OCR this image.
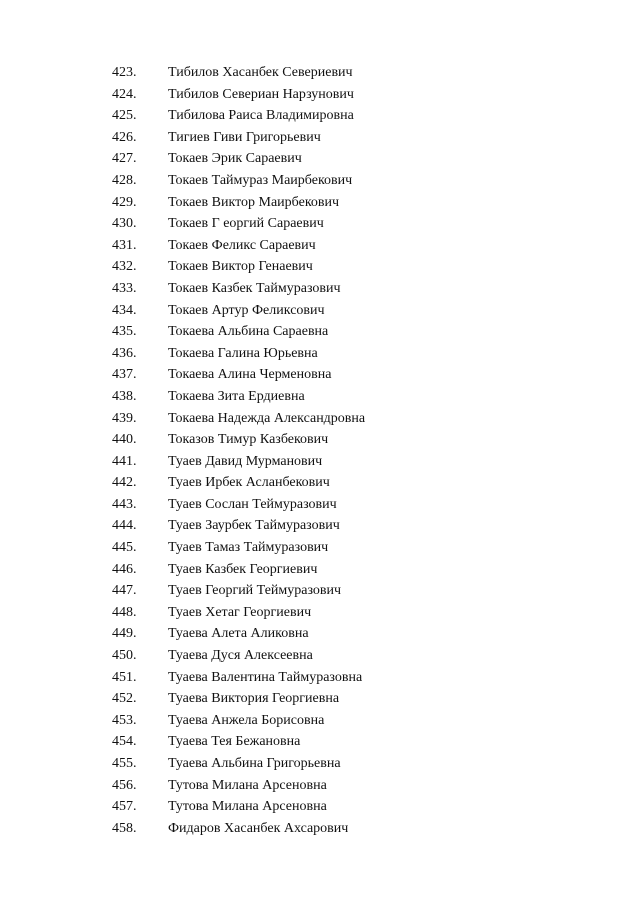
423. Тибилов Хасанбек Севериевич
424. Тибилов Севериан Нарзунович
425. Тибилова Раиса Владимировна
426. Тигиев Гиви Григорьевич
427. Токаев Эрик Сараевич
428. Токаев Таймураз Маирбекович
429. Токаев Виктор Маирбекович
430. Токаев Г еоргий Сараевич
431. Токаев Феликс Сараевич
432. Токаев Виктор Генаевич
433. Токаев Казбек Таймуразович
434. Токаев Артур Феликсович
435. Токаева Альбина Сараевна
436. Токаева Галина Юрьевна
437. Токаева Алина Черменовна
438. Токаева Зита Ердиевна
439. Токаева Надежда Александровна
440. Токазов Тимур Казбекович
441. Туаев Давид Мурманович
442. Туаев Ирбек Асланбекович
443. Туаев Сослан Теймуразович
444. Туаев Заурбек Таймуразович
445. Туаев Тамаз Таймуразович
446. Туаев Казбек Георгиевич
447. Туаев Георгий Теймуразович
448. Туаев Хетаг Георгиевич
449. Туаева Алета Аликовна
450. Туаева Дуся Алексеевна
451. Туаева Валентина Таймуразовна
452. Туаева Виктория Георгиевна
453. Туаева Анжела Борисовна
454. Туаева Тея Бежановна
455. Туаева Альбина Григорьевна
456. Тутова Милана Арсеновна
457. Тутова Милана Арсеновна
458. Фидаров Хасанбек Ахсарович
